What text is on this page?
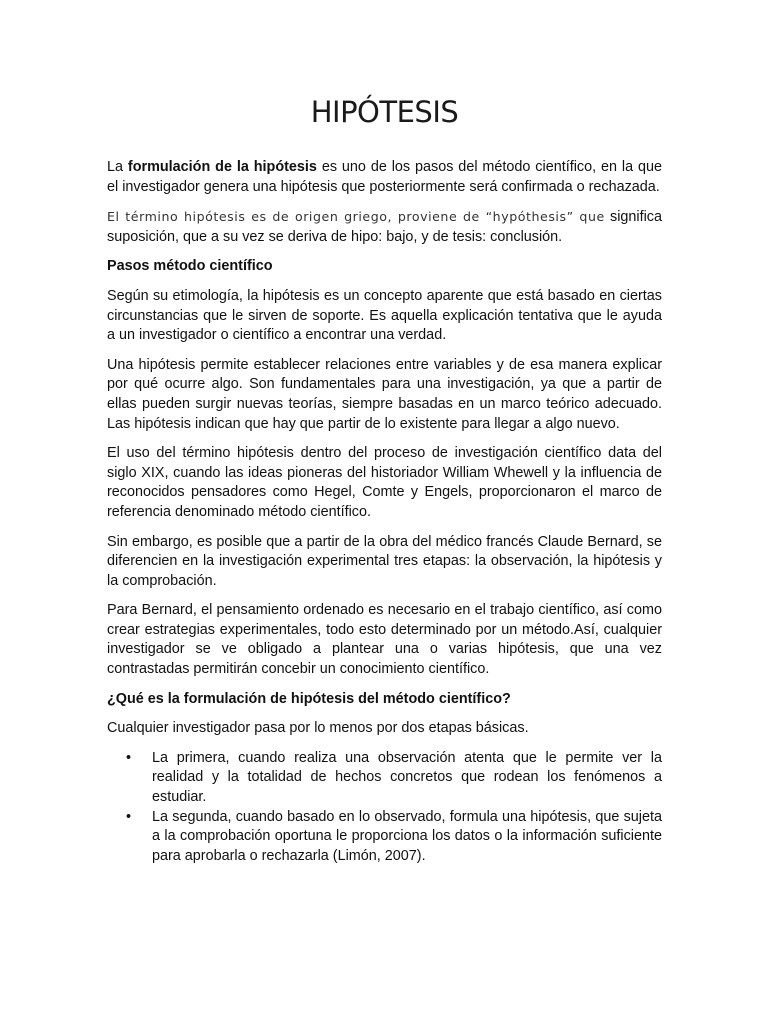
HIPÓTESIS

La formulación de la hipótesis es uno de los pasos del método científico, en la que el investigador genera una hipótesis que posteriormente será confirmada o rechazada.

El término hipótesis es de origen griego, proviene de “hypóthesis” que significa suposición, que a su vez se deriva de hipo: bajo, y de tesis: conclusión.

Pasos método científico

Según su etimología, la hipótesis es un concepto aparente que está basado en ciertas circunstancias que le sirven de soporte. Es aquella explicación tentativa que le ayuda a un investigador o científico a encontrar una verdad.

Una hipótesis permite establecer relaciones entre variables y de esa manera explicar por qué ocurre algo. Son fundamentales para una investigación, ya que a partir de ellas pueden surgir nuevas teorías, siempre basadas en un marco teórico adecuado. Las hipótesis indican que hay que partir de lo existente para llegar a algo nuevo.

El uso del término hipótesis dentro del proceso de investigación científico data del siglo XIX, cuando las ideas pioneras del historiador William Whewell y la influencia de reconocidos pensadores como Hegel, Comte y Engels, proporcionaron el marco de referencia denominado método científico.

Sin embargo, es posible que a partir de la obra del médico francés Claude Bernard, se diferencien en la investigación experimental tres etapas: la observación, la hipótesis y la comprobación.

Para Bernard, el pensamiento ordenado es necesario en el trabajo científico, así como crear estrategias experimentales, todo esto determinado por un método.Así, cualquier investigador se ve obligado a plantear una o varias hipótesis, que una vez contrastadas permitirán concebir un conocimiento científico.

¿Qué es la formulación de hipótesis del método científico?

Cualquier investigador pasa por lo menos por dos etapas básicas.

• La primera, cuando realiza una observación atenta que le permite ver la realidad y la totalidad de hechos concretos que rodean los fenómenos a estudiar.
• La segunda, cuando basado en lo observado, formula una hipótesis, que sujeta a la comprobación oportuna le proporciona los datos o la información suficiente para aprobarla o rechazarla (Limón, 2007).
